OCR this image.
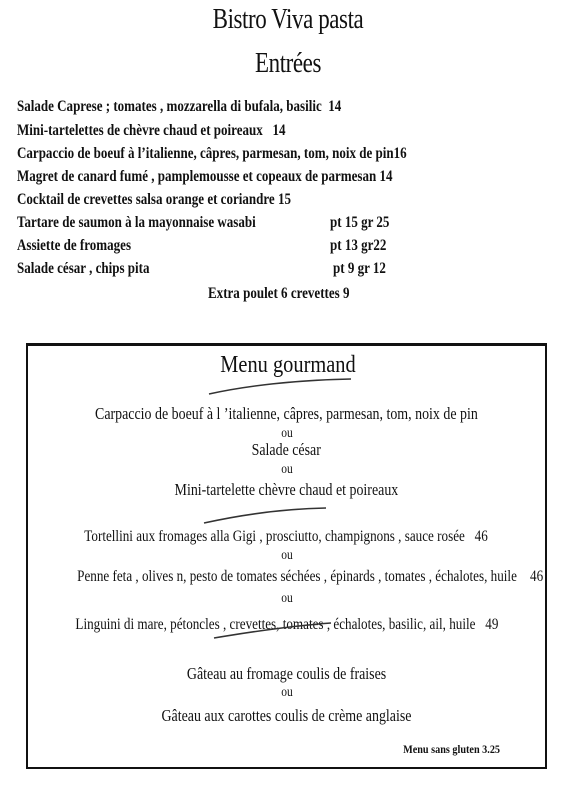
Bistro Viva pasta
Entrées
Salade Caprese ; tomates , mozzarella di bufala, basilic 14
Mini-tartelettes de chèvre chaud et poireaux 14
Carpaccio de boeuf à l’italienne, câpres, parmesan, tom, noix de pin16
Magret de canard fumé , pamplemousse et copeaux de parmesan 14
Cocktail de crevettes salsa orange et coriandre 15
Tartare de saumon à la mayonnaise wasabi	pt 15 gr 25
Assiette de fromages	pt 13 gr22
Salade césar , chips pita	pt 9 gr 12
Extra poulet 6 crevettes 9
Menu gourmand
Carpaccio de boeuf à l ’italienne, câpres, parmesan, tom, noix de pin
ou
Salade césar
ou
Mini-tartelette chèvre chaud et poireaux
Tortellini aux fromages alla Gigi , prosciutto, champignons , sauce rosée 46
ou
Penne feta , olives n, pesto de tomates séchées , épinards , tomates , échalotes, huile 46
ou
Linguini di mare, pétoncles , crevettes, tomates , échalotes, basilic, ail, huile 49
Gâteau au fromage coulis de fraises
ou
Gâteau aux carottes coulis de crème anglaise
Menu sans gluten 3.25
